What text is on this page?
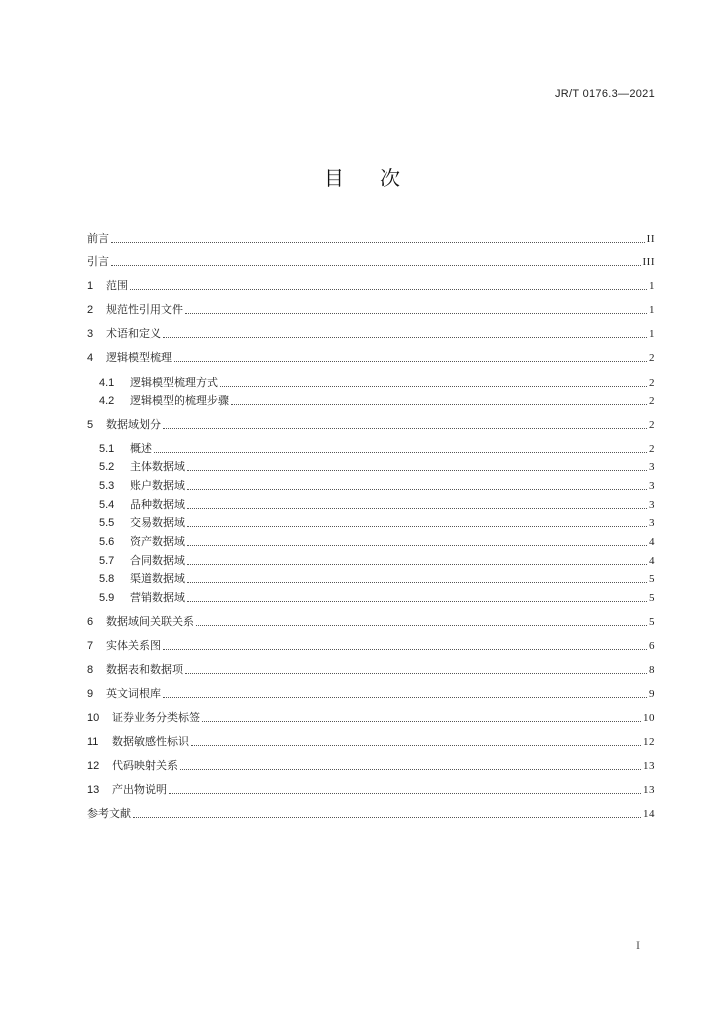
JR/T 0176.3—2021
目次
前言	II
引言	III
1	范围	1
2	规范性引用文件	1
3	术语和定义	1
4	逻辑模型梳理	2
4.1	逻辑模型梳理方式	2
4.2	逻辑模型的梳理步骤	2
5	数据域划分	2
5.1	概述	2
5.2	主体数据域	3
5.3	账户数据域	3
5.4	品种数据域	3
5.5	交易数据域	3
5.6	资产数据域	4
5.7	合同数据域	4
5.8	渠道数据域	5
5.9	营销数据域	5
6	数据域间关联关系	5
7	实体关系图	6
8	数据表和数据项	8
9	英文词根库	9
10	证券业务分类标签	10
11	数据敏感性标识	12
12	代码映射关系	13
13	产出物说明	13
参考文献	14
I
